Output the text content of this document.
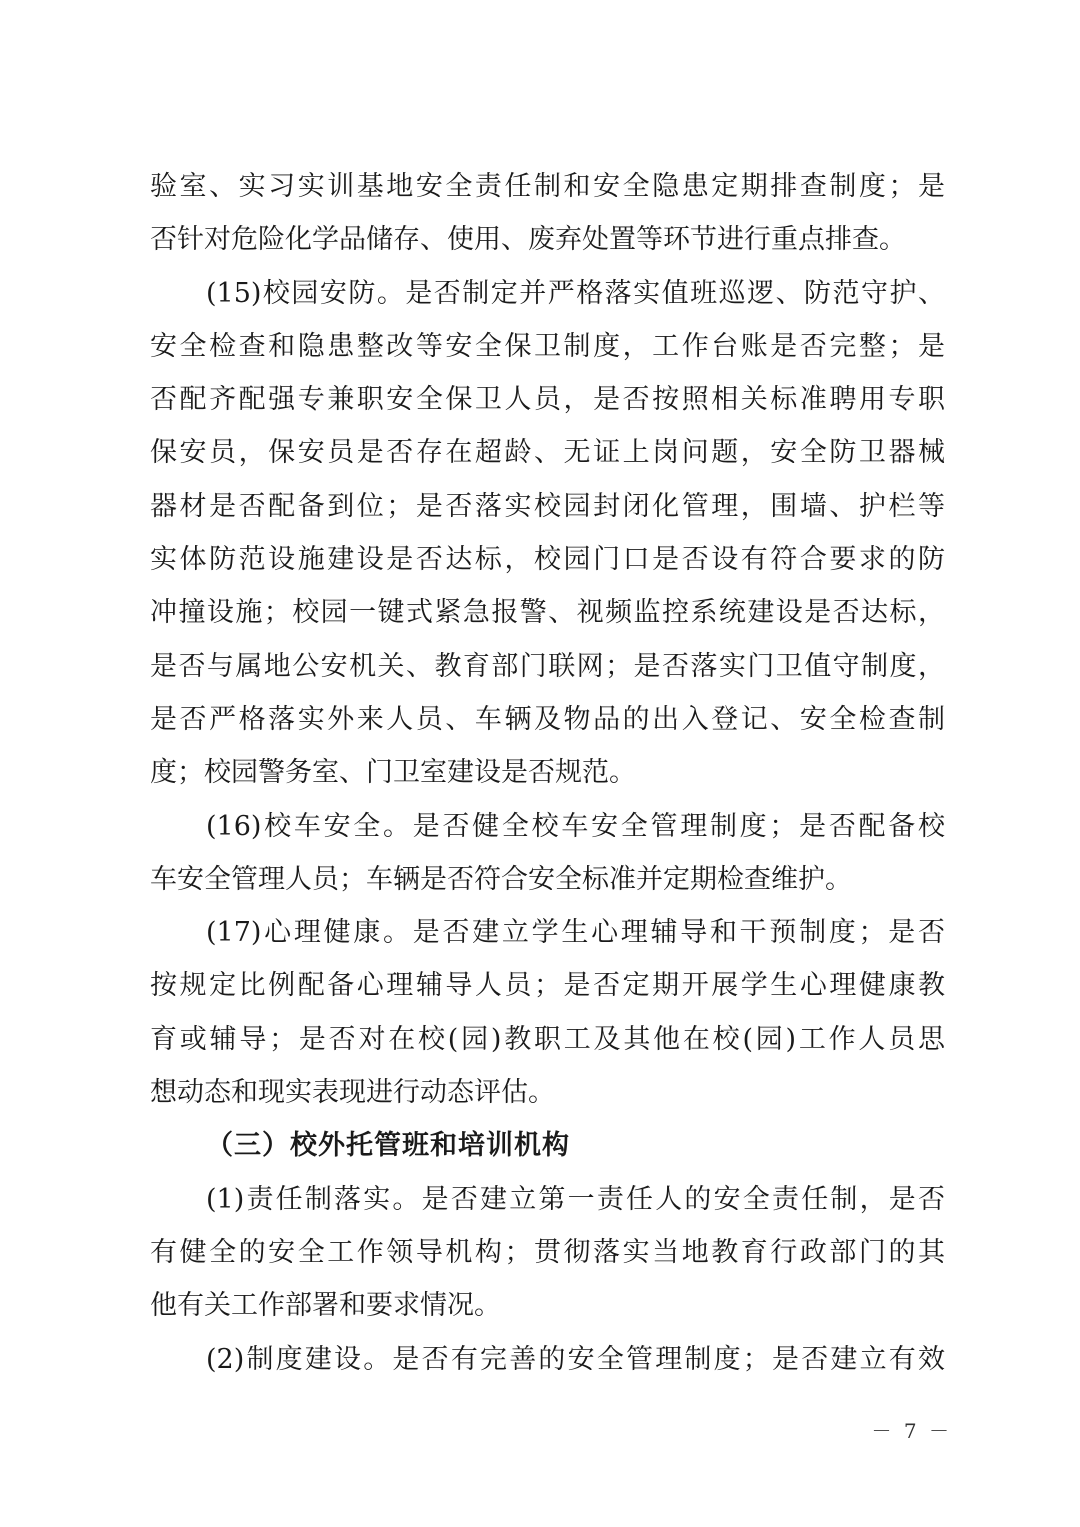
验室、实习实训基地安全责任制和安全隐患定期排查制度；是
否针对危险化学品储存、使用、废弃处置等环节进行重点排查。
(15)校园安防。是否制定并严格落实值班巡逻、防范守护、
安全检查和隐患整改等安全保卫制度，工作台账是否完整；是
否配齐配强专兼职安全保卫人员，是否按照相关标准聘用专职
保安员，保安员是否存在超龄、无证上岗问题，安全防卫器械
器材是否配备到位；是否落实校园封闭化管理，围墙、护栏等
实体防范设施建设是否达标，校园门口是否设有符合要求的防
冲撞设施；校园一键式紧急报警、视频监控系统建设是否达标，
是否与属地公安机关、教育部门联网；是否落实门卫值守制度，
是否严格落实外来人员、车辆及物品的出入登记、安全检查制
度；校园警务室、门卫室建设是否规范。
(16)校车安全。是否健全校车安全管理制度；是否配备校
车安全管理人员；车辆是否符合安全标准并定期检查维护。
(17)心理健康。是否建立学生心理辅导和干预制度；是否
按规定比例配备心理辅导人员；是否定期开展学生心理健康教
育或辅导；是否对在校(园)教职工及其他在校(园)工作人员思
想动态和现实表现进行动态评估。
（三）校外托管班和培训机构
(1)责任制落实。是否建立第一责任人的安全责任制，是否
有健全的安全工作领导机构；贯彻落实当地教育行政部门的其
他有关工作部署和要求情况。
(2)制度建设。是否有完善的安全管理制度；是否建立有效
－ 7 －
